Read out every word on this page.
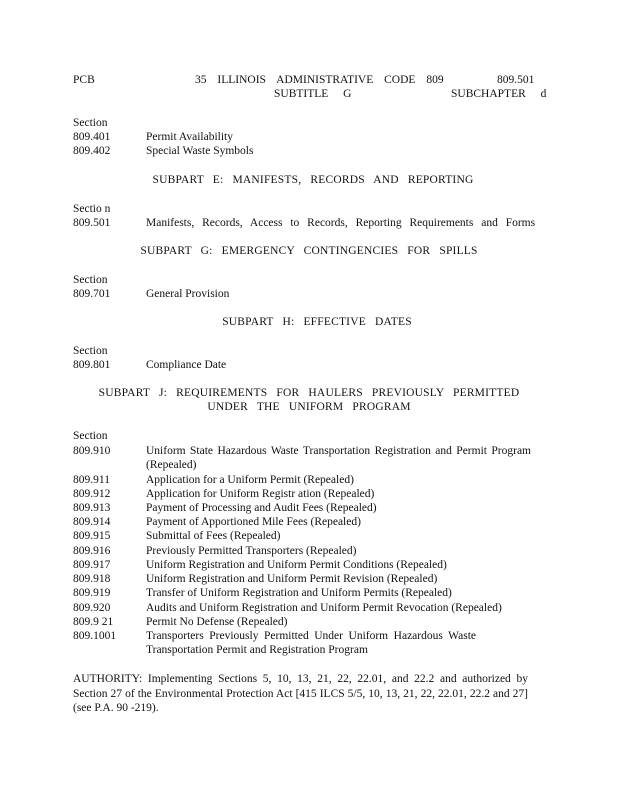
PCB	35 ILLINOIS ADMINISTRATIVE CODE 809	809.501
SUBTITLE G	SUBCHAPTER d
Section
809.401	Permit Availability
809.402	Special Waste Symbols
SUBPART E: MANIFESTS, RECORDS AND REPORTING
Sectio n
809.501	Manifests, Records, Access to Records, Reporting Requirements and Forms
SUBPART G: EMERGENCY CONTINGENCIES FOR SPILLS
Section
809.701	General Provision
SUBPART H: EFFECTIVE DATES
Section
809.801	Compliance Date
SUBPART J: REQUIREMENTS FOR HAULERS PREVIOUSLY PERMITTED
UNDER THE UNIFORM PROGRAM
Section
809.910	Uniform State Hazardous Waste Transportation Registration and Permit Program (Repealed)
809.911	Application for a Uniform Permit (Repealed)
809.912	Application for Uniform Registr ation (Repealed)
809.913	Payment of Processing and Audit Fees (Repealed)
809.914	Payment of Apportioned Mile Fees (Repealed)
809.915	Submittal of Fees (Repealed)
809.916	Previously Permitted Transporters (Repealed)
809.917	Uniform Registration and Uniform Permit Conditions (Repealed)
809.918	Uniform Registration and Uniform Permit Revision (Repealed)
809.919	Transfer of Uniform Registration and Uniform Permits (Repealed)
809.920	Audits and Uniform Registration and Uniform Permit Revocation (Repealed)
809.9 21	Permit No Defense (Repealed)
809.1001	Transporters Previously Permitted Under Uniform Hazardous Waste Transportation Permit and Registration Program
AUTHORITY: Implementing Sections 5, 10, 13, 21, 22, 22.01, and 22.2 and authorized by Section 27 of the Environmental Protection Act [415 ILCS 5/5, 10, 13, 21, 22, 22.01, 22.2 and 27] (see P.A. 90 -219).
